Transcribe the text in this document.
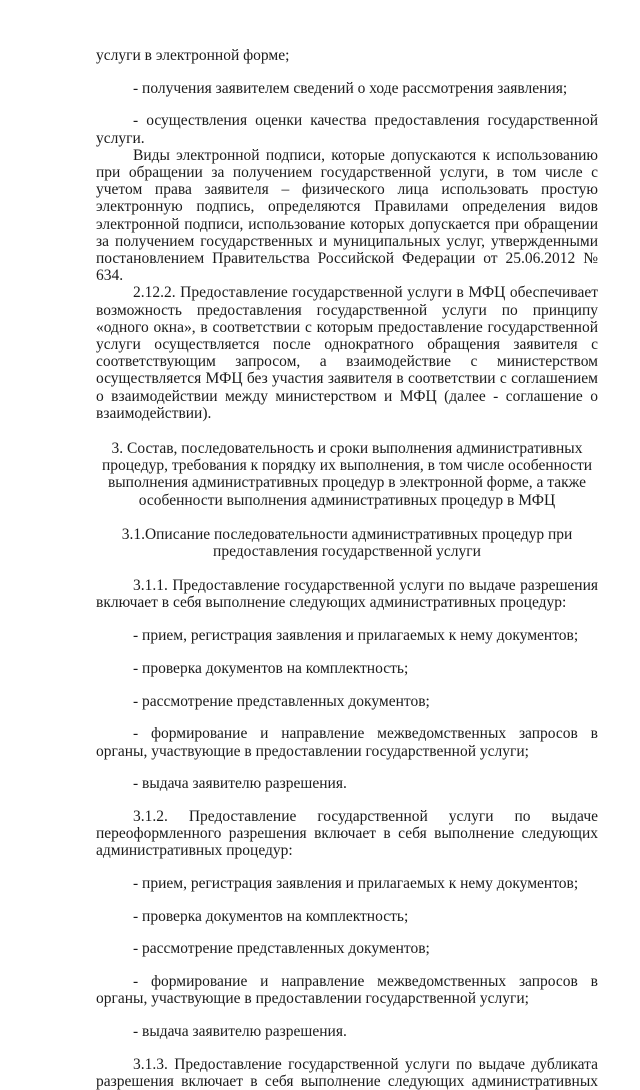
услуги в электронной форме;

- получения заявителем сведений о ходе рассмотрения заявления;

- осуществления оценки качества предоставления государственной услуги.

Виды электронной подписи, которые допускаются к использованию при обращении за получением государственной услуги, в том числе с учетом права заявителя – физического лица использовать простую электронную подпись, определяются Правилами определения видов электронной подписи, использование которых допускается при обращении за получением государственных и муниципальных услуг, утвержденными постановлением Правительства Российской Федерации от 25.06.2012 № 634.

2.12.2. Предоставление государственной услуги в МФЦ обеспечивает возможность предоставления государственной услуги по принципу «одного окна», в соответствии с которым предоставление государственной услуги осуществляется после однократного обращения заявителя с соответствующим запросом, а взаимодействие с министерством осуществляется МФЦ без участия заявителя в соответствии с соглашением о взаимодействии между министерством и МФЦ (далее - соглашение о взаимодействии).

3. Состав, последовательность и сроки выполнения административных процедур, требования к порядку их выполнения, в том числе особенности выполнения административных процедур в электронной форме, а также особенности выполнения административных процедур в МФЦ

3.1.Описание последовательности административных процедур при предоставления государственной услуги

3.1.1. Предоставление государственной услуги по выдаче разрешения включает в себя выполнение следующих административных процедур:

- прием, регистрация заявления и прилагаемых к нему документов;

- проверка документов на комплектность;

- рассмотрение представленных документов;

- формирование и направление межведомственных запросов в органы, участвующие в предоставлении государственной услуги;

- выдача заявителю разрешения.

3.1.2. Предоставление государственной услуги по выдаче переоформленного разрешения включает в себя выполнение следующих административных процедур:

- прием, регистрация заявления и прилагаемых к нему документов;

- проверка документов на комплектность;

- рассмотрение представленных документов;

- формирование и направление межведомственных запросов в органы, участвующие в предоставлении государственной услуги;

- выдача заявителю разрешения.

3.1.3. Предоставление государственной услуги по выдаче дубликата разрешения включает в себя выполнение следующих административных
